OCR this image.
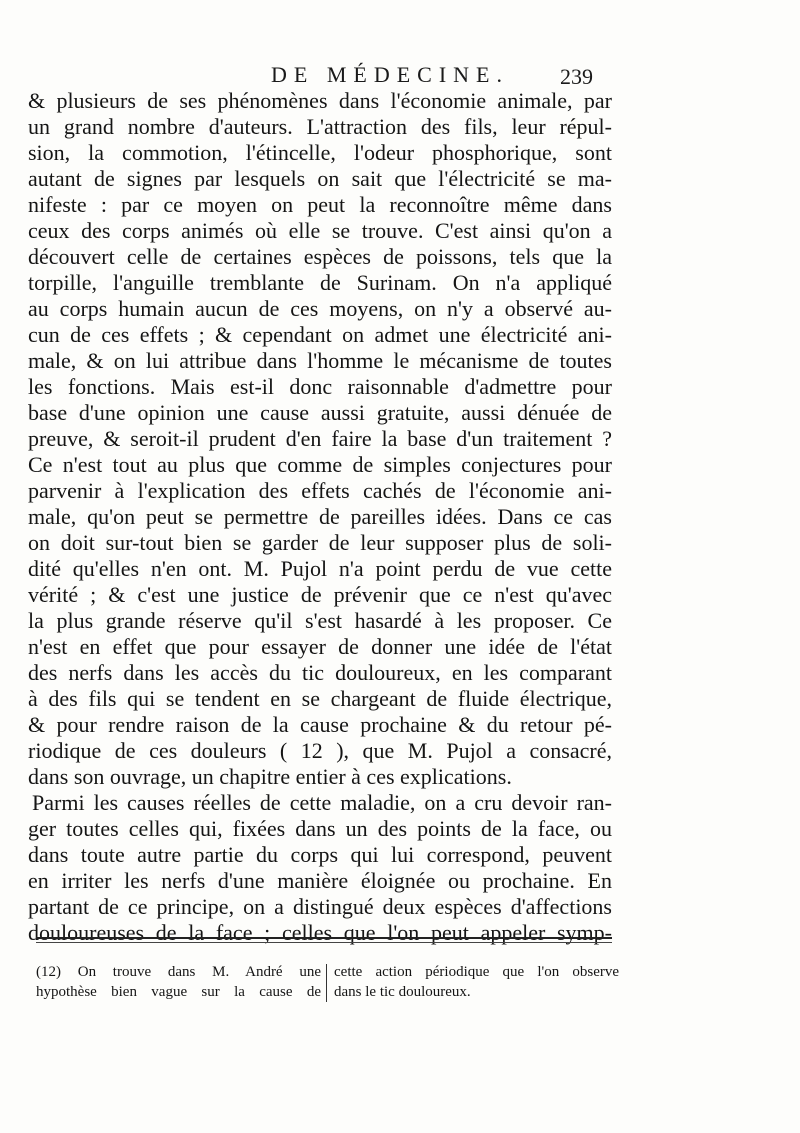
DE MÉDECINE.	239
& plusieurs de ses phénomènes dans l'économie animale, par
un grand nombre d'auteurs. L'attraction des fils, leur répul-
sion, la commotion, l'étincelle, l'odeur phosphorique, sont
autant de signes par lesquels on sait que l'électricité se ma-
nifeste : par ce moyen on peut la reconnoître même dans
ceux des corps animés où elle se trouve. C'est ainsi qu'on a
découvert celle de certaines espèces de poissons, tels que la
torpille, l'anguille tremblante de Surinam. On n'a appliqué
au corps humain aucun de ces moyens, on n'y a observé au-
cun de ces effets ; & cependant on admet une électricité ani-
male, & on lui attribue dans l'homme le mécanisme de toutes
les fonctions. Mais est-il donc raisonnable d'admettre pour
base d'une opinion une cause aussi gratuite, aussi dénuée de
preuve, & seroit-il prudent d'en faire la base d'un traitement ?
Ce n'est tout au plus que comme de simples conjectures pour
parvenir à l'explication des effets cachés de l'économie ani-
male, qu'on peut se permettre de pareilles idées. Dans ce cas
on doit sur-tout bien se garder de leur supposer plus de soli-
dité qu'elles n'en ont. M. Pujol n'a point perdu de vue cette
vérité ; & c'est une justice de prévenir que ce n'est qu'avec
la plus grande réserve qu'il s'est hasardé à les proposer. Ce
n'est en effet que pour essayer de donner une idée de l'état
des nerfs dans les accès du tic douloureux, en les comparant
à des fils qui se tendent en se chargeant de fluide électrique,
& pour rendre raison de la cause prochaine & du retour pé-
riodique de ces douleurs ( 12 ), que M. Pujol a consacré,
dans son ouvrage, un chapitre entier à ces explications.
Parmi les causes réelles de cette maladie, on a cru devoir ran-
ger toutes celles qui, fixées dans un des points de la face, ou
dans toute autre partie du corps qui lui correspond, peuvent
en irriter les nerfs d'une manière éloignée ou prochaine. En
partant de ce principe, on a distingué deux espèces d'affections
douloureuses de la face ; celles que l'on peut appeler symp-
(12) On trouve dans M. André une
hypothèse bien vague sur la cause de
cette action périodique que l'on observe
dans le tic douloureux.
